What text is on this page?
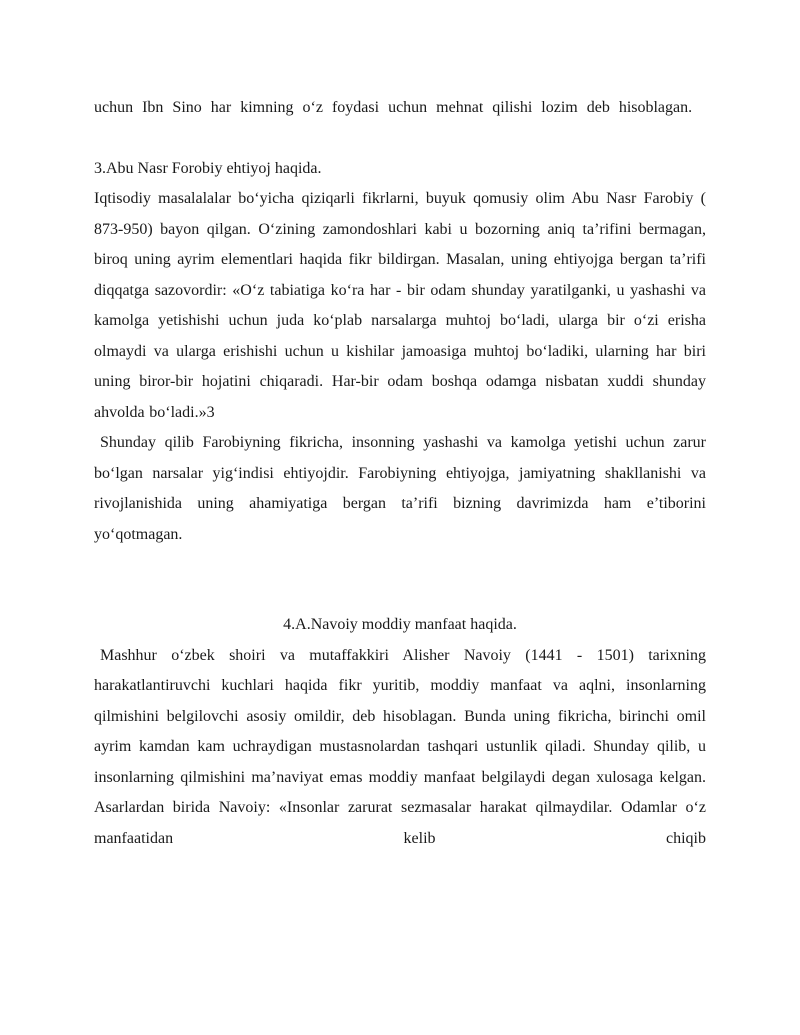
uchun Ibn Sino har kimning o‘z foydasi uchun mehnat qilishi lozim deb hisoblagan.

3.Abu Nasr Forobiy ehtiyoj haqida.

Iqtisodiy masalalalar bo‘yicha qiziqarli fikrlarni, buyuk qomusiy olim Abu Nasr Farobiy ( 873-950) bayon qilgan. O‘zining zamondoshlari kabi u bozorning aniq ta’rifini bermagan, biroq uning ayrim elementlari haqida fikr bildirgan. Masalan, uning ehtiyojga bergan ta’rifi diqqatga sazovordir: «O‘z tabiatiga ko‘ra har - bir odam shunday yaratilganki, u yashashi va kamolga yetishishi uchun juda ko‘plab narsalarga muhtoj bo‘ladi, ularga bir o‘zi erisha olmaydi va ularga erishishi uchun u kishilar jamoasiga muhtoj bo‘ladiki, ularning har biri uning biror-bir hojatini chiqaradi. Har-bir odam boshqa odamga nisbatan xuddi shunday ahvolda bo‘ladi.»3

Shunday qilib Farobiyning fikricha, insonning yashashi va kamolga yetishi uchun zarur bo‘lgan narsalar yig‘indisi ehtiyojdir. Farobiyning ehtiyojga, jamiyatning shakllanishi va rivojlanishida uning ahamiyatiga bergan ta’rifi bizning davrimizda ham e’tiborini yo‘qotmagan.

4.A.Navoiy moddiy manfaat haqida.

Mashhur o‘zbek shoiri va mutaffakkiri Alisher Navoiy (1441 - 1501) tarixning harakatlantiruvchi kuchlari haqida fikr yuritib, moddiy manfaat va aqlni, insonlarning qilmishini belgilovchi asosiy omildir, deb hisoblagan. Bunda uning fikricha, birinchi omil ayrim kamdan kam uchraydigan mustasnolardan tashqari ustunlik qiladi. Shunday qilib, u insonlarning qilmishini ma’naviyat emas moddiy manfaat belgilaydi degan xulosaga kelgan. Asarlardan birida Navoiy: «Insonlar zarurat sezmasalar harakat qilmaydilar. Odamlar o‘z manfaatidan kelib chiqib
